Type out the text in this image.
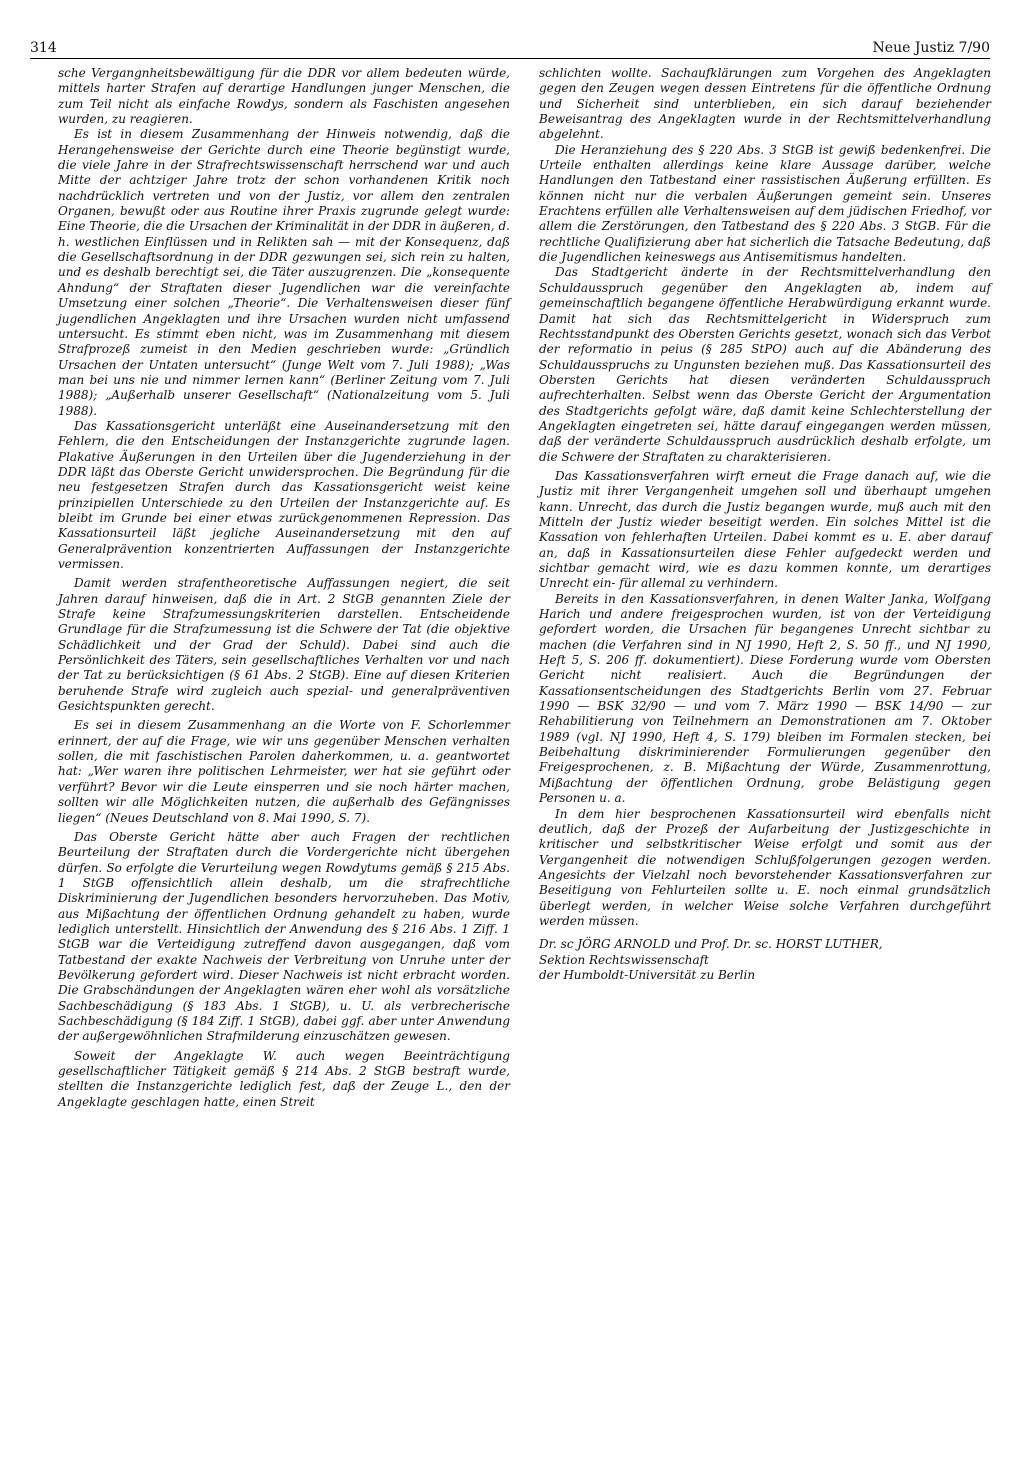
314	Neue Justiz 7/90

sche Vergangnheitsbewältigung für die DDR vor allem bedeuten würde, mittels harter Strafen auf derartige Handlungen junger Menschen, die zum Teil nicht als einfache Rowdys, sondern als Faschisten angesehen wurden, zu reagieren.

Es ist in diesem Zusammenhang der Hinweis notwendig, daß die Herangehensweise der Gerichte durch eine Theorie begünstigt wurde, die viele Jahre in der Strafrechtswissenschaft herrschend war und auch Mitte der achtziger Jahre trotz der schon vorhandenen Kritik noch nachdrücklich vertreten und von der Justiz, vor allem den zentralen Organen, bewußt oder aus Routine ihrer Praxis zugrunde gelegt wurde: Eine Theorie, die die Ursachen der Kriminalität in der DDR in äußeren, d. h. westlichen Einflüssen und in Relikten sah — mit der Konsequenz, daß die Gesellschaftsordnung in der DDR gezwungen sei, sich rein zu halten, und es deshalb berechtigt sei, die Täter auszugrenzen. Die „konsequente Ahndung“ der Straftaten dieser Jugendlichen war die vereinfachte Umsetzung einer solchen „Theorie“. Die Verhaltensweisen dieser fünf jugendlichen Angeklagten und ihre Ursachen wurden nicht umfassend untersucht. Es stimmt eben nicht, was im Zusammenhang mit diesem Strafprozeß zumeist in den Medien geschrieben wurde: „Gründlich Ursachen der Untaten untersucht“ (Junge Welt vom 7. Juli 1988); „Was man bei uns nie und nimmer lernen kann“ (Berliner Zeitung vom 7. Juli 1988); „Außerhalb unserer Gesellschaft“ (Nationalzeitung vom 5. Juli 1988).

Das Kassationsgericht unterläßt eine Auseinandersetzung mit den Fehlern, die den Entscheidungen der Instanzgerichte zugrunde lagen. Plakative Äußerungen in den Urteilen über die Jugenderziehung in der DDR läßt das Oberste Gericht unwidersprochen. Die Begründung für die neu festgesetzen Strafen durch das Kassationsgericht weist keine prinzipiellen Unterschiede zu den Urteilen der Instanzgerichte auf. Es bleibt im Grunde bei einer etwas zurückgenommenen Repression. Das Kassationsurteil läßt jegliche Auseinandersetzung mit den auf Generalprävention konzentrierten Auffassungen der Instanzgerichte vermissen.

Damit werden strafentheoretische Auffassungen negiert, die seit Jahren darauf hinweisen, daß die in Art. 2 StGB genannten Ziele der Strafe keine Strafzumessungskriterien darstellen. Entscheidende Grundlage für die Strafzumessung ist die Schwere der Tat (die objektive Schädlichkeit und der Grad der Schuld). Dabei sind auch die Persönlichkeit des Täters, sein gesellschaftliches Verhalten vor und nach der Tat zu berücksichtigen (§ 61 Abs. 2 StGB). Eine auf diesen Kriterien beruhende Strafe wird zugleich auch spezial- und generalpräventiven Gesichtspunkten gerecht.

Es sei in diesem Zusammenhang an die Worte von F. Schorlemmer erinnert, der auf die Frage, wie wir uns gegenüber Menschen verhalten sollen, die mit faschistischen Parolen daherkommen, u. a. geantwortet hat: „Wer waren ihre politischen Lehrmeister, wer hat sie geführt oder verführt? Bevor wir die Leute einsperren und sie noch härter machen, sollten wir alle Möglichkeiten nutzen, die außerhalb des Gefängnisses liegen“ (Neues Deutschland von 8. Mai 1990, S. 7).

Das Oberste Gericht hätte aber auch Fragen der rechtlichen Beurteilung der Straftaten durch die Vordergerichte nicht übergehen dürfen. So erfolgte die Verurteilung wegen Rowdytums gemäß § 215 Abs. 1 StGB offensichtlich allein deshalb, um die strafrechtliche Diskriminierung der Jugendlichen besonders hervorzuheben. Das Motiv, aus Mißachtung der öffentlichen Ordnung gehandelt zu haben, wurde lediglich unterstellt. Hinsichtlich der Anwendung des § 216 Abs. 1 Ziff. 1 StGB war die Verteidigung zutreffend davon ausgegangen, daß vom Tatbestand der exakte Nachweis der Verbreitung von Unruhe unter der Bevölkerung gefordert wird. Dieser Nachweis ist nicht erbracht worden. Die Grabschändungen der Angeklagten wären eher wohl als vorsätzliche Sachbeschädigung (§ 183 Abs. 1 StGB), u. U. als verbrecherische Sachbeschädigung (§ 184 Ziff. 1 StGB), dabei ggf. aber unter Anwendung der außergewöhnlichen Strafmilderung einzuschätzen gewesen.

Soweit der Angeklagte W. auch wegen Beeinträchtigung gesellschaftlicher Tätigkeit gemäß § 214 Abs. 2 StGB bestraft wurde, stellten die Instanzgerichte lediglich fest, daß der Zeuge L., den der Angeklagte geschlagen hatte, einen Streit

schlichten wollte. Sachaufklärungen zum Vorgehen des Angeklagten gegen den Zeugen wegen dessen Eintretens für die öffentliche Ordnung und Sicherheit sind unterblieben, ein sich darauf beziehender Beweisantrag des Angeklagten wurde in der Rechtsmittelverhandlung abgelehnt.

Die Heranziehung des § 220 Abs. 3 StGB ist gewiß bedenkenfrei. Die Urteile enthalten allerdings keine klare Aussage darüber, welche Handlungen den Tatbestand einer rassistischen Äußerung erfüllten. Es können nicht nur die verbalen Äußerungen gemeint sein. Unseres Erachtens erfüllen alle Verhaltensweisen auf dem jüdischen Friedhof, vor allem die Zerstörungen, den Tatbestand des § 220 Abs. 3 StGB. Für die rechtliche Qualifizierung aber hat sicherlich die Tatsache Bedeutung, daß die Jugendlichen keineswegs aus Antisemitismus handelten.

Das Stadtgericht änderte in der Rechtsmittelverhandlung den Schuldausspruch gegenüber den Angeklagten ab, indem auf gemeinschaftlich begangene öffentliche Herabwürdigung erkannt wurde. Damit hat sich das Rechtsmittelgericht in Widerspruch zum Rechtsstandpunkt des Obersten Gerichts gesetzt, wonach sich das Verbot der reformatio in peius (§ 285 StPO) auch auf die Abänderung des Schuldausspruchs zu Ungunsten beziehen muß. Das Kassationsurteil des Obersten Gerichts hat diesen veränderten Schuldausspruch aufrechterhalten. Selbst wenn das Oberste Gericht der Argumentation des Stadtgerichts gefolgt wäre, daß damit keine Schlechterstellung der Angeklagten eingetreten sei, hätte darauf eingegangen werden müssen, daß der veränderte Schuldausspruch ausdrücklich deshalb erfolgte, um die Schwere der Straftaten zu charakterisieren.

Das Kassationsverfahren wirft erneut die Frage danach auf, wie die Justiz mit ihrer Vergangenheit umgehen soll und überhaupt umgehen kann. Unrecht, das durch die Justiz begangen wurde, muß auch mit den Mitteln der Justiz wieder beseitigt werden. Ein solches Mittel ist die Kassation von fehlerhaften Urteilen. Dabei kommt es u. E. aber darauf an, daß in Kassationsurteilen diese Fehler aufgedeckt werden und sichtbar gemacht wird, wie es dazu kommen konnte, um derartiges Unrecht ein- für allemal zu verhindern.

Bereits in den Kassationsverfahren, in denen Walter Janka, Wolfgang Harich und andere freigesprochen wurden, ist von der Verteidigung gefordert worden, die Ursachen für begangenes Unrecht sichtbar zu machen (die Verfahren sind in NJ 1990, Heft 2, S. 50 ff., und NJ 1990, Heft 5, S. 206 ff. dokumentiert). Diese Forderung wurde vom Obersten Gericht nicht realisiert. Auch die Begründungen der Kassationsentscheidungen des Stadtgerichts Berlin vom 27. Februar 1990 — BSK 32/90 — und vom 7. März 1990 — BSK 14/90 — zur Rehabilitierung von Teilnehmern an Demonstrationen am 7. Oktober 1989 (vgl. NJ 1990, Heft 4, S. 179) bleiben im Formalen stecken, bei Beibehaltung diskriminierender Formulierungen gegenüber den Freigesprochenen, z. B. Mißachtung der Würde, Zusammenrottung, Mißachtung der öffentlichen Ordnung, grobe Belästigung gegen Personen u. a.

In dem hier besprochenen Kassationsurteil wird ebenfalls nicht deutlich, daß der Prozeß der Aufarbeitung der Justizgeschichte in kritischer und selbstkritischer Weise erfolgt und somit aus der Vergangenheit die notwendigen Schlußfolgerungen gezogen werden. Angesichts der Vielzahl noch bevorstehender Kassationsverfahren zur Beseitigung von Fehlurteilen sollte u. E. noch einmal grundsätzlich überlegt werden, in welcher Weise solche Verfahren durchgeführt werden müssen.

Dr. sc JÖRG ARNOLD und Prof. Dr. sc. HORST LUTHER,
Sektion Rechtswissenschaft
der Humboldt-Universität zu Berlin
